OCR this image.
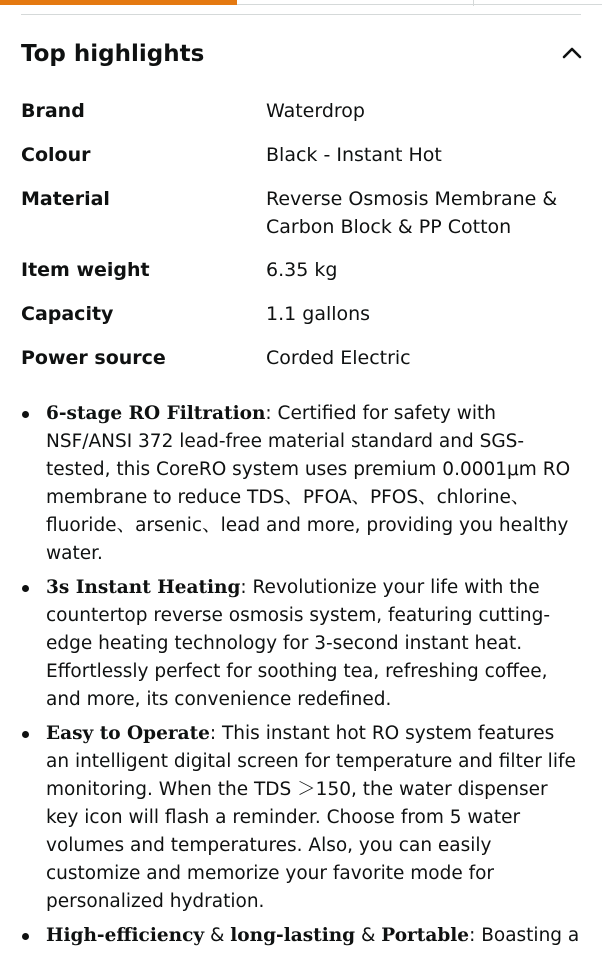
Top highlights
Brand	Waterdrop
Colour	Black - Instant Hot
Material	Reverse Osmosis Membrane & Carbon Block & PP Cotton
Item weight	6.35 kg
Capacity	1.1 gallons
Power source	Corded Electric
6-stage RO Filtration: Certified for safety with NSF/ANSI 372 lead-free material standard and SGS-tested, this CoreRO system uses premium 0.0001μm RO membrane to reduce TDS、PFOA、PFOS、chlorine、fluoride、arsenic、lead and more, providing you healthy water.
3s Instant Heating: Revolutionize your life with the countertop reverse osmosis system, featuring cutting-edge heating technology for 3-second instant heat. Effortlessly perfect for soothing tea, refreshing coffee, and more, its convenience redefined.
Easy to Operate: This instant hot RO system features an intelligent digital screen for temperature and filter life monitoring. When the TDS ＞150, the water dispenser key icon will flash a reminder. Choose from 5 water volumes and temperatures. Also, you can easily customize and memorize your favorite mode for personalized hydration.
High-efficiency & long-lasting & Portable: Boasting a
